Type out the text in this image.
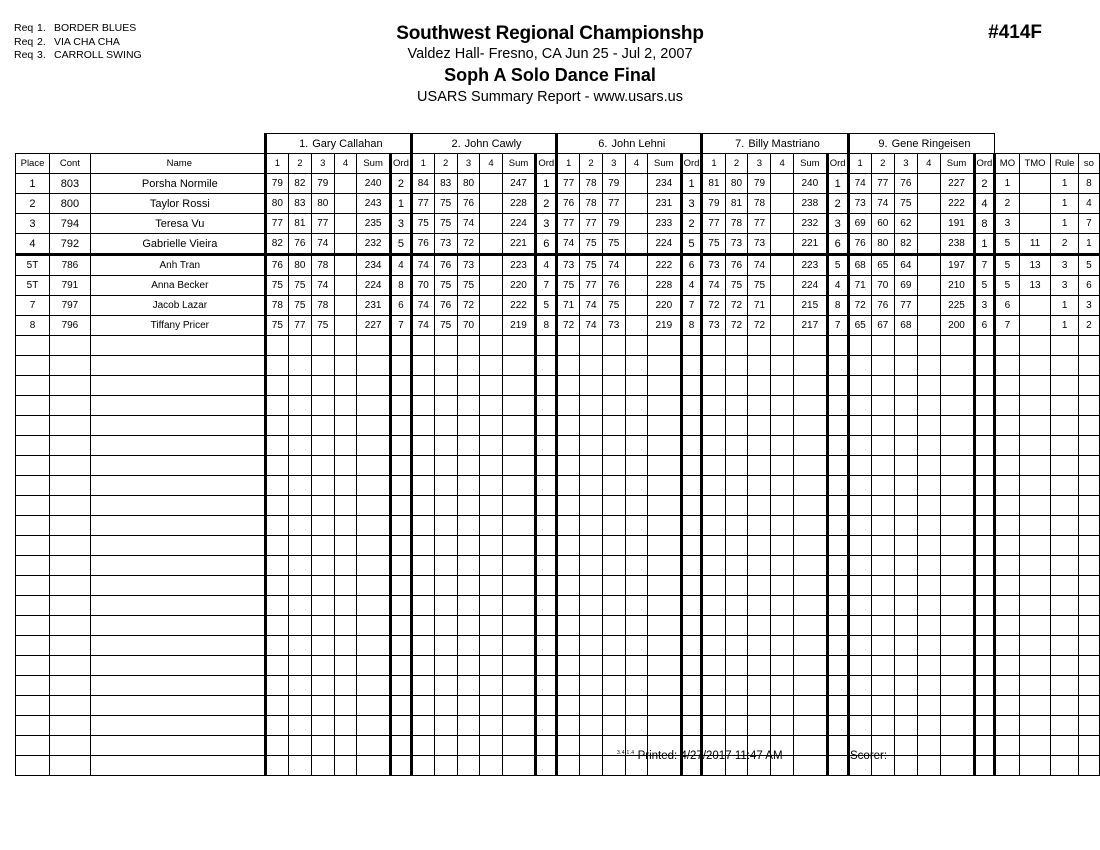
Req 1. BORDER BLUES
Req 2. VIA CHA CHA
Req 3. CARROLL SWING
Southwest Regional Championshp
Valdez Hall- Fresno, CA Jun 25 - Jul 2, 2007
Soph A Solo Dance Final
USARS Summary Report - www.usars.us
#414F
			1. Gary Callahan						2. John Cawly						6. John Lehni						7. Billy Mastriano						9. Gene Ringeisen									
Place	Cont	Name	1	2	3	4	Sum	Ord	1	2	3	4	Sum	Ord	1	2	3	4	Sum	Ord	1	2	3	4	Sum	Ord	1	2	3	4	Sum	Ord	MO	TMO	Rule	so
1	803	Porsha Normile	79	82	79		240	2	84	83	80		247	1	77	78	79		234	1	81	80	79		240	1	74	77	76		227	2	1		1	8
2	800	Taylor Rossi	80	83	80		243	1	77	75	76		228	2	76	78	77		231	3	79	81	78		238	2	73	74	75		222	4	2		1	4
3	794	Teresa Vu	77	81	77		235	3	75	75	74		224	3	77	77	79		233	2	77	78	77		232	3	69	60	62		191	8	3		1	7
4	792	Gabrielle Vieira	82	76	74		232	5	76	73	72		221	6	74	75	75		224	5	75	73	73		221	6	76	80	82		238	1	5	11	2	1
5T	786	Anh Tran	76	80	78		234	4	74	76	73		223	4	73	75	74		222	6	73	76	74		223	5	68	65	64		197	7	5	13	3	5
5T	791	Anna Becker	75	75	74		224	8	70	75	75		220	7	75	77	76		228	4	74	75	75		224	4	71	70	69		210	5	5	13	3	6
7	797	Jacob Lazar	78	75	78		231	6	74	76	72		222	5	71	74	75		220	7	72	72	71		215	8	72	76	77		225	3	6		1	3
8	796	Tiffany Pricer	75	77	75		227	7	74	75	70		219	8	72	74	73		219	8	73	72	72		217	7	65	67	68		200	6	7		1	2

$^{3.4.1.4}$ Printed: 4/27/2017 11:47 AM	Scorer:
